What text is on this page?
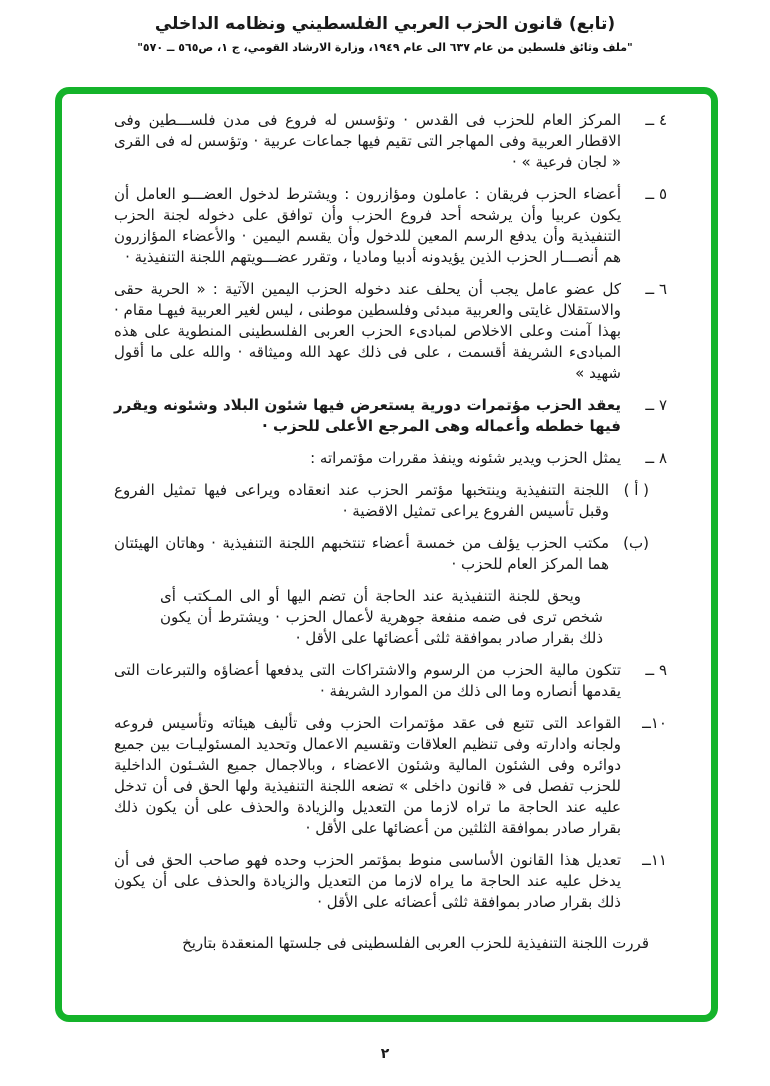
(تابع) قانون الحزب العربي الفلسطيني ونظامه الداخلي
"ملف وثائق فلسطين من عام ٦٣٧ الى عام ١٩٤٩، وزارة الارشاد القومي، ج ١، ص٥٦٥ ــ ٥٧٠"
٤ ــ
المركز العام للحزب فى القدس · وتؤسس له فروع فى مدن فلســـطين وفى الاقطار العربية وفى المهاجر التى تقيم فيها جماعات عربية · وتؤسس له فى القرى « لجان فرعية » ·
٥ ــ
أعضاء الحزب فريقان : عاملون ومؤازرون : ويشترط لدخول العضـــو العامل أن يكون عربيا وأن يرشحه أحد فروع الحزب وأن توافق على دخوله لجنة الحزب التنفيذية وأن يدفع الرسم المعين للدخول وأن يقسم اليمين · والأعضاء المؤازرون هم أنصـــار الحزب الذين يؤيدونه أدبيا وماديا ، وتقرر عضـــويتهم اللجنة التنفيذية ·
٦ ــ
كل عضو عامل يجب أن يحلف عند دخوله الحزب اليمين الآتية : « الحرية حقى والاستقلال غايتى والعربية مبدئى وفلسطين موطنى ، ليس لغير العربية فيهـا مقام · بهذا آمنت وعلى الاخلاص لمبادىء الحزب العربى الفلسطينى المنطوية على هذه المبادىء الشريفة أقسمت ، على فى ذلك عهد الله وميثاقه · والله على ما أقول شهيد »
٧ ــ
يعقد الحزب مؤتمرات دورية يستعرض فيها شئون البلاد وشئونه ويقرر فيها خططه وأعماله وهى المرجع الأعلى للحزب ·
٨ ــ
يمثل الحزب ويدير شئونه وينفذ مقررات مؤتمراته :
( أ )
اللجنة التنفيذية وينتخبها مؤتمر الحزب عند انعقاده ويراعى فيها تمثيل الفروع وقبل تأسيس الفروع يراعى تمثيل الاقضية ·
(ب)
مكتب الحزب يؤلف من خمسة أعضاء تنتخبهم اللجنة التنفيذية · وهاتان الهيئتان هما المركز العام للحزب ·
ويحق للجنة التنفيذية عند الحاجة أن تضم اليها أو الى المـكتب أى شخص ترى فى ضمه منفعة جوهرية لأعمال الحزب · ويشترط أن يكون ذلك بقرار صادر بموافقة ثلثى أعضائها على الأقل ·
٩ ــ
تتكون مالية الحزب من الرسوم والاشتراكات التى يدفعها أعضاؤه والتبرعات التى يقدمها أنصاره وما الى ذلك من الموارد الشريفة ·
١٠ــ
القواعد التى تتبع فى عقد مؤتمرات الحزب وفى تأليف هيئاته وتأسيس فروعه ولجانه وادارته وفى تنظيم العلاقات وتقسيم الاعمال وتحديد المسئوليـات بين جميع دوائره وفى الشئون المالية وشئون الاعضاء ، وبالاجمال جميع الشـئون الداخلية للحزب تفصل فى « قانون داخلى » تضعه اللجنة التنفيذية ولها الحق فى أن تدخل عليه عند الحاجة ما تراه لازما من التعديل والزيادة والحذف على أن يكون ذلك بقرار صادر بموافقة الثلثين من أعضائها على الأقل ·
١١ــ
تعديل هذا القانون الأساسى منوط بمؤتمر الحزب وحده فهو صاحب الحق فى أن يدخل عليه عند الحاجة ما يراه لازما من التعديل والزيادة والحذف على أن يكون ذلك بقرار صادر بموافقة ثلثى أعضائه على الأقل ·
قررت اللجنة التنفيذية للحزب العربى الفلسطينى فى جلستها المنعقدة بتاريخ
٢
